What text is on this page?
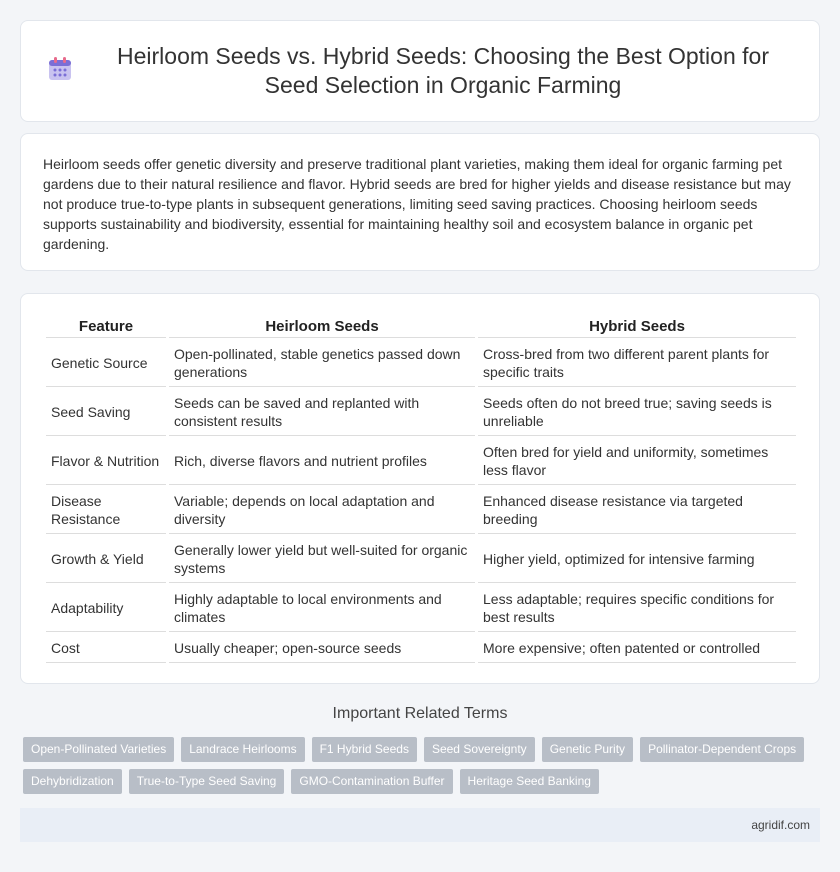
Heirloom Seeds vs. Hybrid Seeds: Choosing the Best Option for Seed Selection in Organic Farming

Heirloom seeds offer genetic diversity and preserve traditional plant varieties, making them ideal for organic farming pet gardens due to their natural resilience and flavor. Hybrid seeds are bred for higher yields and disease resistance but may not produce true-to-type plants in subsequent generations, limiting seed saving practices. Choosing heirloom seeds supports sustainability and biodiversity, essential for maintaining healthy soil and ecosystem balance in organic pet gardening.

Feature	Heirloom Seeds	Hybrid Seeds
Genetic Source	Open-pollinated, stable genetics passed down generations	Cross-bred from two different parent plants for specific traits
Seed Saving	Seeds can be saved and replanted with consistent results	Seeds often do not breed true; saving seeds is unreliable
Flavor & Nutrition	Rich, diverse flavors and nutrient profiles	Often bred for yield and uniformity, sometimes less flavor
Disease Resistance	Variable; depends on local adaptation and diversity	Enhanced disease resistance via targeted breeding
Growth & Yield	Generally lower yield but well-suited for organic systems	Higher yield, optimized for intensive farming
Adaptability	Highly adaptable to local environments and climates	Less adaptable; requires specific conditions for best results
Cost	Usually cheaper; open-source seeds	More expensive; often patented or controlled
Important Related Terms
Open-Pollinated Varieties	Landrace Heirlooms	F1 Hybrid Seeds	Seed Sovereignty	Genetic Purity	Pollinator-Dependent Crops
Dehybridization	True-to-Type Seed Saving	GMO-Contamination Buffer	Heritage Seed Banking
agridif.com
